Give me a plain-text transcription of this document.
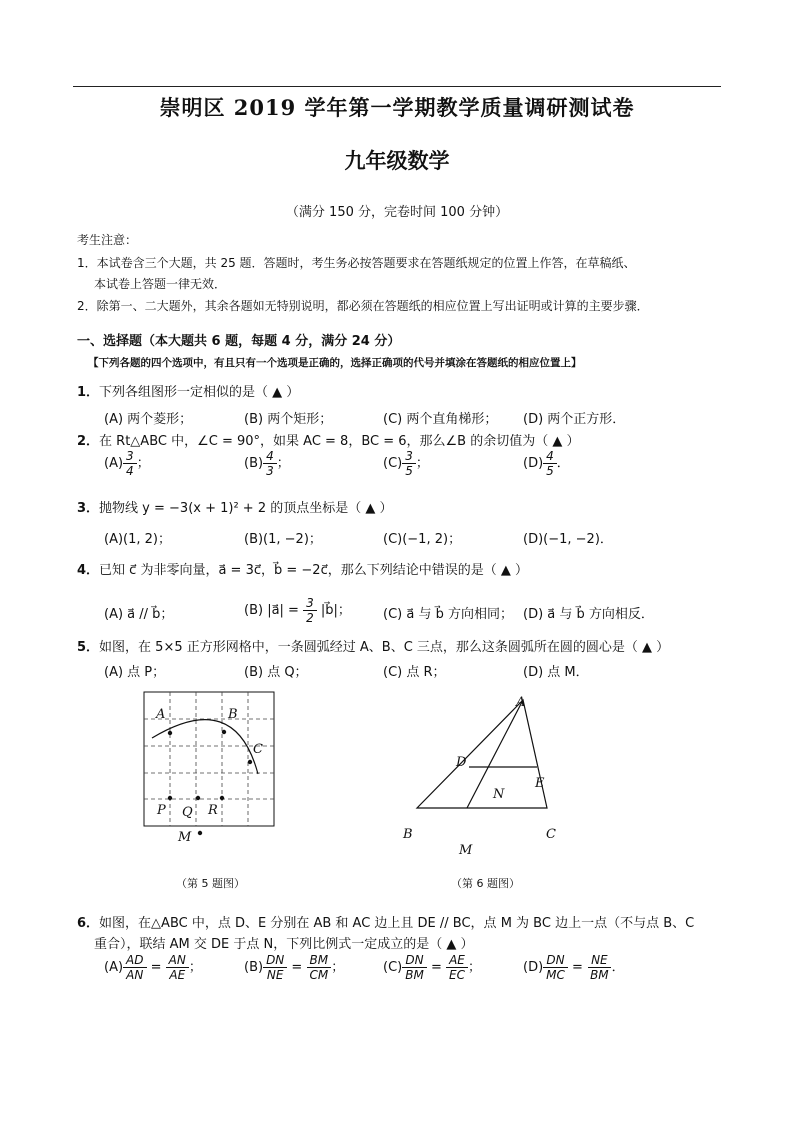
崇明区 2019 学年第一学期教学质量调研测试卷
九年级数学
（满分 150 分，完卷时间 100 分钟）
考生注意：
1．本试卷含三个大题，共 25 题．答题时，考生务必按答题要求在答题纸规定的位置上作答，在草稿纸、
本试卷上答题一律无效．
2．除第一、二大题外，其余各题如无特别说明，都必须在答题纸的相应位置上写出证明或计算的主要步骤．
一、选择题（本大题共 6 题，每题 4 分，满分 24 分）
【下列各题的四个选项中，有且只有一个选项是正确的，选择正确项的代号并填涂在答题纸的相应位置上】
1．下列各组图形一定相似的是（ ▲ ）
(A) 两个菱形；	(B) 两个矩形；	(C) 两个直角梯形； (D) 两个正方形．
2．在 Rt△ABC 中，∠C = 90°，如果 AC = 8，BC = 6，那么∠B 的余切值为（ ▲ ）
$(A) \frac{3}{4}$ ；	$(B) \frac{4}{3}$ ；	$(C) \frac{3}{5}$ ；	$(D) \frac{4}{5}$ ．
3．抛物线 y = −3(x + 1)² + 2 的顶点坐标是（ ▲ ）
(A)(1, 2)；	(B)(1, −2)；	(C)(−1, 2)；	(D)(−1, −2)．
4．已知 c⃗ 为非零向量，a⃗ = 3c⃗，b⃗ = −2c⃗，那么下列结论中错误的是（ ▲ ）
(A) a⃗ // b⃗；	(B) |a⃗| = $\frac{3}{2}$ |b⃗|； (C) a⃗ 与 b⃗ 方向相同； (D) a⃗ 与 b⃗ 方向相反．
5．如图，在 5×5 正方形网格中，一条圆弧经过 A、B、C 三点，那么这条圆弧所在圆的圆心是（ ▲ ）
(A) 点 P；	(B) 点 Q；	(C) 点 R；	(D) 点 M．
A	B
C
P Q R
M
（第 5 题图）
A
D
E
N
B	C
M
（第 6 题图）
6．如图，在△ABC 中，点 D、E 分别在 AB 和 AC 边上且 DE // BC，点 M 为 BC 边上一点（不与点 B、C
重合），联结 AM 交 DE 于点 N，下列比例式一定成立的是（ ▲ ）
$(A) \frac{AD}{AN} = \frac{AN}{AE}$ ；	$(B) \frac{DN}{NE} = \frac{BM}{CM}$ ；	$(C) \frac{DN}{BM} = \frac{AE}{EC}$ ；	$(D) \frac{DN}{MC} = \frac{NE}{BM}$ ．
